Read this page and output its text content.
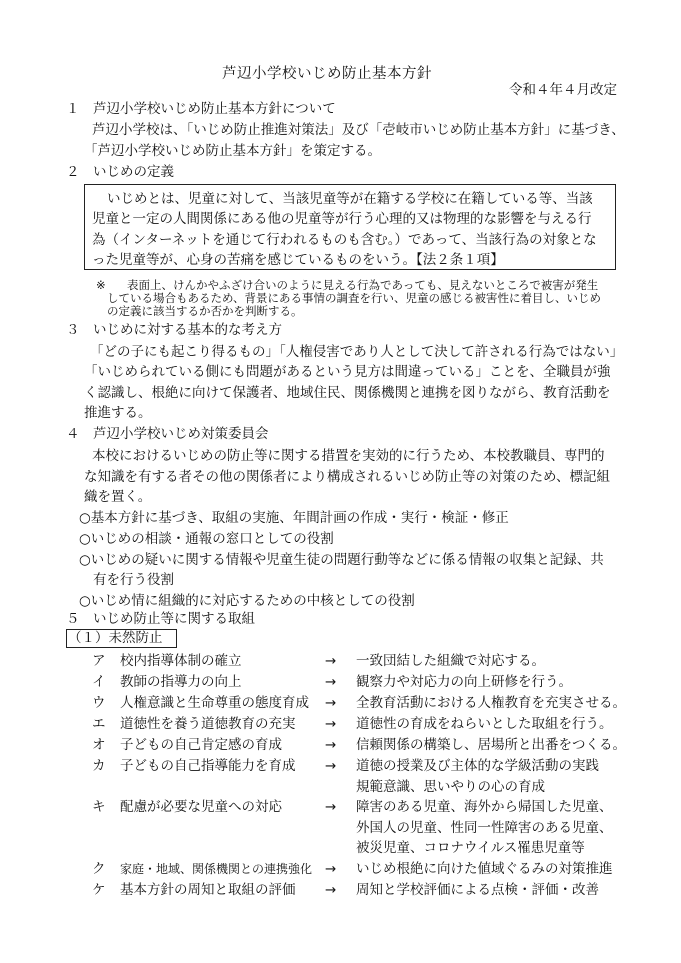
芦辺小学校いじめ防止基本方針
令和４年４月改定
１　芦辺小学校いじめ防止基本方針について
芦辺小学校は、「いじめ防止推進対策法」及び「壱岐市いじめ防止基本方針」に基づき、
「芦辺小学校いじめ防止基本方針」を策定する。
２　いじめの定義
いじめとは、児童に対して、当該児童等が在籍する学校に在籍している等、当該
児童と一定の人間関係にある他の児童等が行う心理的又は物理的な影響を与える行
為（インターネットを通じて行われるものも含む。）であって、当該行為の対象とな
った児童等が、心身の苦痛を感じているものをいう。【法２条１項】
※ 表面上、けんかやふざけ合いのように見える行為であっても、見えないところで被害が発生
している場合もあるため、背景にある事情の調査を行い、児童の感じる被害性に着目し、いじめ
の定義に該当するか否かを判断する。
３　いじめに対する基本的な考え方
「どの子にも起こり得るもの」「人権侵害であり人として決して許される行為ではない」
「いじめられている側にも問題があるという見方は間違っている」ことを、全職員が強
く認識し、根絶に向けて保護者、地域住民、関係機関と連携を図りながら、教育活動を
推進する。
４　芦辺小学校いじめ対策委員会
本校におけるいじめの防止等に関する措置を実効的に行うため、本校教職員、専門的
な知識を有する者その他の関係者により構成されるいじめ防止等の対策のため、標記組
織を置く。
○基本方針に基づき、取組の実施、年間計画の作成・実行・検証・修正
○いじめの相談・通報の窓口としての役割
○いじめの疑いに関する情報や児童生徒の問題行動等などに係る情報の収集と記録、共
有を行う役割
○いじめ情に組織的に対応するための中核としての役割
５　いじめ防止等に関する取組
（１）未然防止
ア 校内指導体制の確立	→ 一致団結した組織で対応する。
イ 教師の指導力の向上	→ 観察力や対応力の向上研修を行う。
ウ 人権意識と生命尊重の態度育成 → 全教育活動における人権教育を充実させる。
エ 道徳性を養う道徳教育の充実 → 道徳性の育成をねらいとした取組を行う。
オ 子どもの自己肯定感の育成	→ 信頼関係の構築し、居場所と出番をつくる。
カ 子どもの自己指導能力を育成 → 道徳の授業及び主体的な学級活動の実践
規範意識、思いやりの心の育成
キ 配慮が必要な児童への対応	→ 障害のある児童、海外から帰国した児童、
外国人の児童、性同一性障害のある児童、
被災児童、コロナウイルス罹患児童等
ク 家庭・地域、関係機関との連携強化 → いじめ根絶に向けた値域ぐるみの対策推進
ケ 基本方針の周知と取組の評価 → 周知と学校評価による点検・評価・改善
